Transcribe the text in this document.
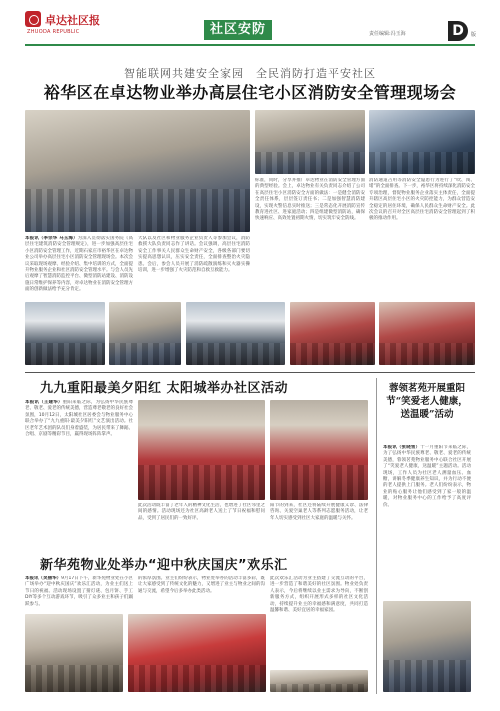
卓达社区报
ZHUODA REPUBLIC	社区安防	责任编辑:冯玉海	D	版
智能联网共建安全家园　全民消防打造平安社区
裕华区在卓达物业举办高层住宅小区消防安全管理现场会
本报讯（李宗华 马玉海）为深入贯彻落实国务院《高层住宅建筑消防安全管理规定》，进一步加强高层住宅小区消防安全管理工作，近期石家庄市裕华区在卓达物业公司举办高层住宅小区消防安全管理现场会。本次会议采取现场观摩、经验介绍、集中培训的方式，全面提升物业服务企业和社区消防安全管理水平。与会人员先后观摩了智慧消防监控平台、微型消防站建设、消防设施日常维护保养等内容，对卓达物业在消防安全管理方面的创新做法给予充分肯定。
大队以及社区和物业服务企业负责人等参加会议，消防救援大队负责同志作了讲话。会议强调，高层住宅消防安全工作事关人民群众生命财产安全，各级各部门要切实提高思想认识，压实安全责任，全面排查整治火灾隐患。会后，参会人员开展了消防疏散演练和灭火器实操培训，进一步增强了火灾防范和自救互救能力。
标准，同时，分享并推广卓达物业在消防安全管理方面的典型经验。会上，卓达物业有关负责同志介绍了公司在高层住宅小区消防安全方面的做法：一是健全消防安全责任体系，层层签订责任书；二是加强智慧消防建设，实现火警信息实时推送；三是常态化开展消防宣传教育进社区、进家庭活动；四是组建微型消防站，确保快速响应、高效处置初期火情，切实筑牢安全防线。
消防通道占用等消防安全隐患行为进行了“吹、闯、堵”的全面排查。下一步，裕华区将持续深化消防安全专项治理，督促物业服务企业落实主体责任，全面提升辖区高层住宅小区的火灾防控能力，为群众营造安全稳定的居住环境，确保人民群众生命财产安全。此次会议的召开对全区高层住宅消防安全管理起到了积极的推动作用。
九九重阳最美夕阳红 太阳城举办社区活动
本报讯（王建华）重阳来临之际，为弘扬中华民族尊老、敬老、爱老的传统美德，营造尊老敬老的良好社会氛围，10月12日，太阳城社区居委会与物业服务中心联合举办了“九九重阳·最美夕阳红”文艺演出活动。社区老年艺术团的队员们身着盛装，为居民带来了舞蹈、合唱、京剧等精彩节目，赢得现场阵阵掌声。
此次活动既丰富了老年人的精神文化生活，也增进了社区邻里之间的感情。活动现场还为社区高龄老人送上了节日祝福和慰问品，受到了居民们的一致好评。
阳节的到来，社区还将陆续开展健康义诊、法律咨询、关爱空巢老人等系列志愿服务活动，让老年人切实感受到社区大家庭的温暖与关怀。
新华苑物业处举办“迎中秋庆国庆”欢乐汇
本报讯（吴丽华）9月17日下午，新华苑物业处在小区广场举办“迎中秋庆国庆”欢乐汇活动，为业主们送上节日的祝福。活动现场设置了猜灯谜、包月饼、手工DIY等多个互动游戏环节，吸引了众多业主和孩子们踊跃参与。
的浓厚氛围。业主们纷纷表示，物业处举办的活动丰富多彩，既让大家感受到了传统文化的魅力，又增进了业主与物业之间的沟通与交流，希望今后多举办此类活动。
此次欢乐汇活动为业主搭建了交流互动的平台，进一步营造了和谐美好的社区氛围。物业处负责人表示，今后将继续以业主需求为导向，不断创新服务方式，组织开展形式多样的社区文化活动，持续提升业主的幸福感和满意度，共同打造温馨和谐、美好宜居的幸福家园。
蓉领茗苑开展重阳节“笑爱老人健康，送温暖”活动
本报讯（张晓雪）十一月重阳节来临之际，为了弘扬中华民族尊老、敬老、爱老的传统美德，蓉领茗苑物业服务中心联合社区开展了“笑爱老人健康，送温暖”主题活动。活动现场，工作人员为社区老人测量血压、血糖，讲解冬季健康养生知识，并为行动不便的老人提供上门服务。老人们纷纷表示，物业的贴心服务让他们感受到了家一般的温暖，对物业服务中心的工作给予了高度评价。
